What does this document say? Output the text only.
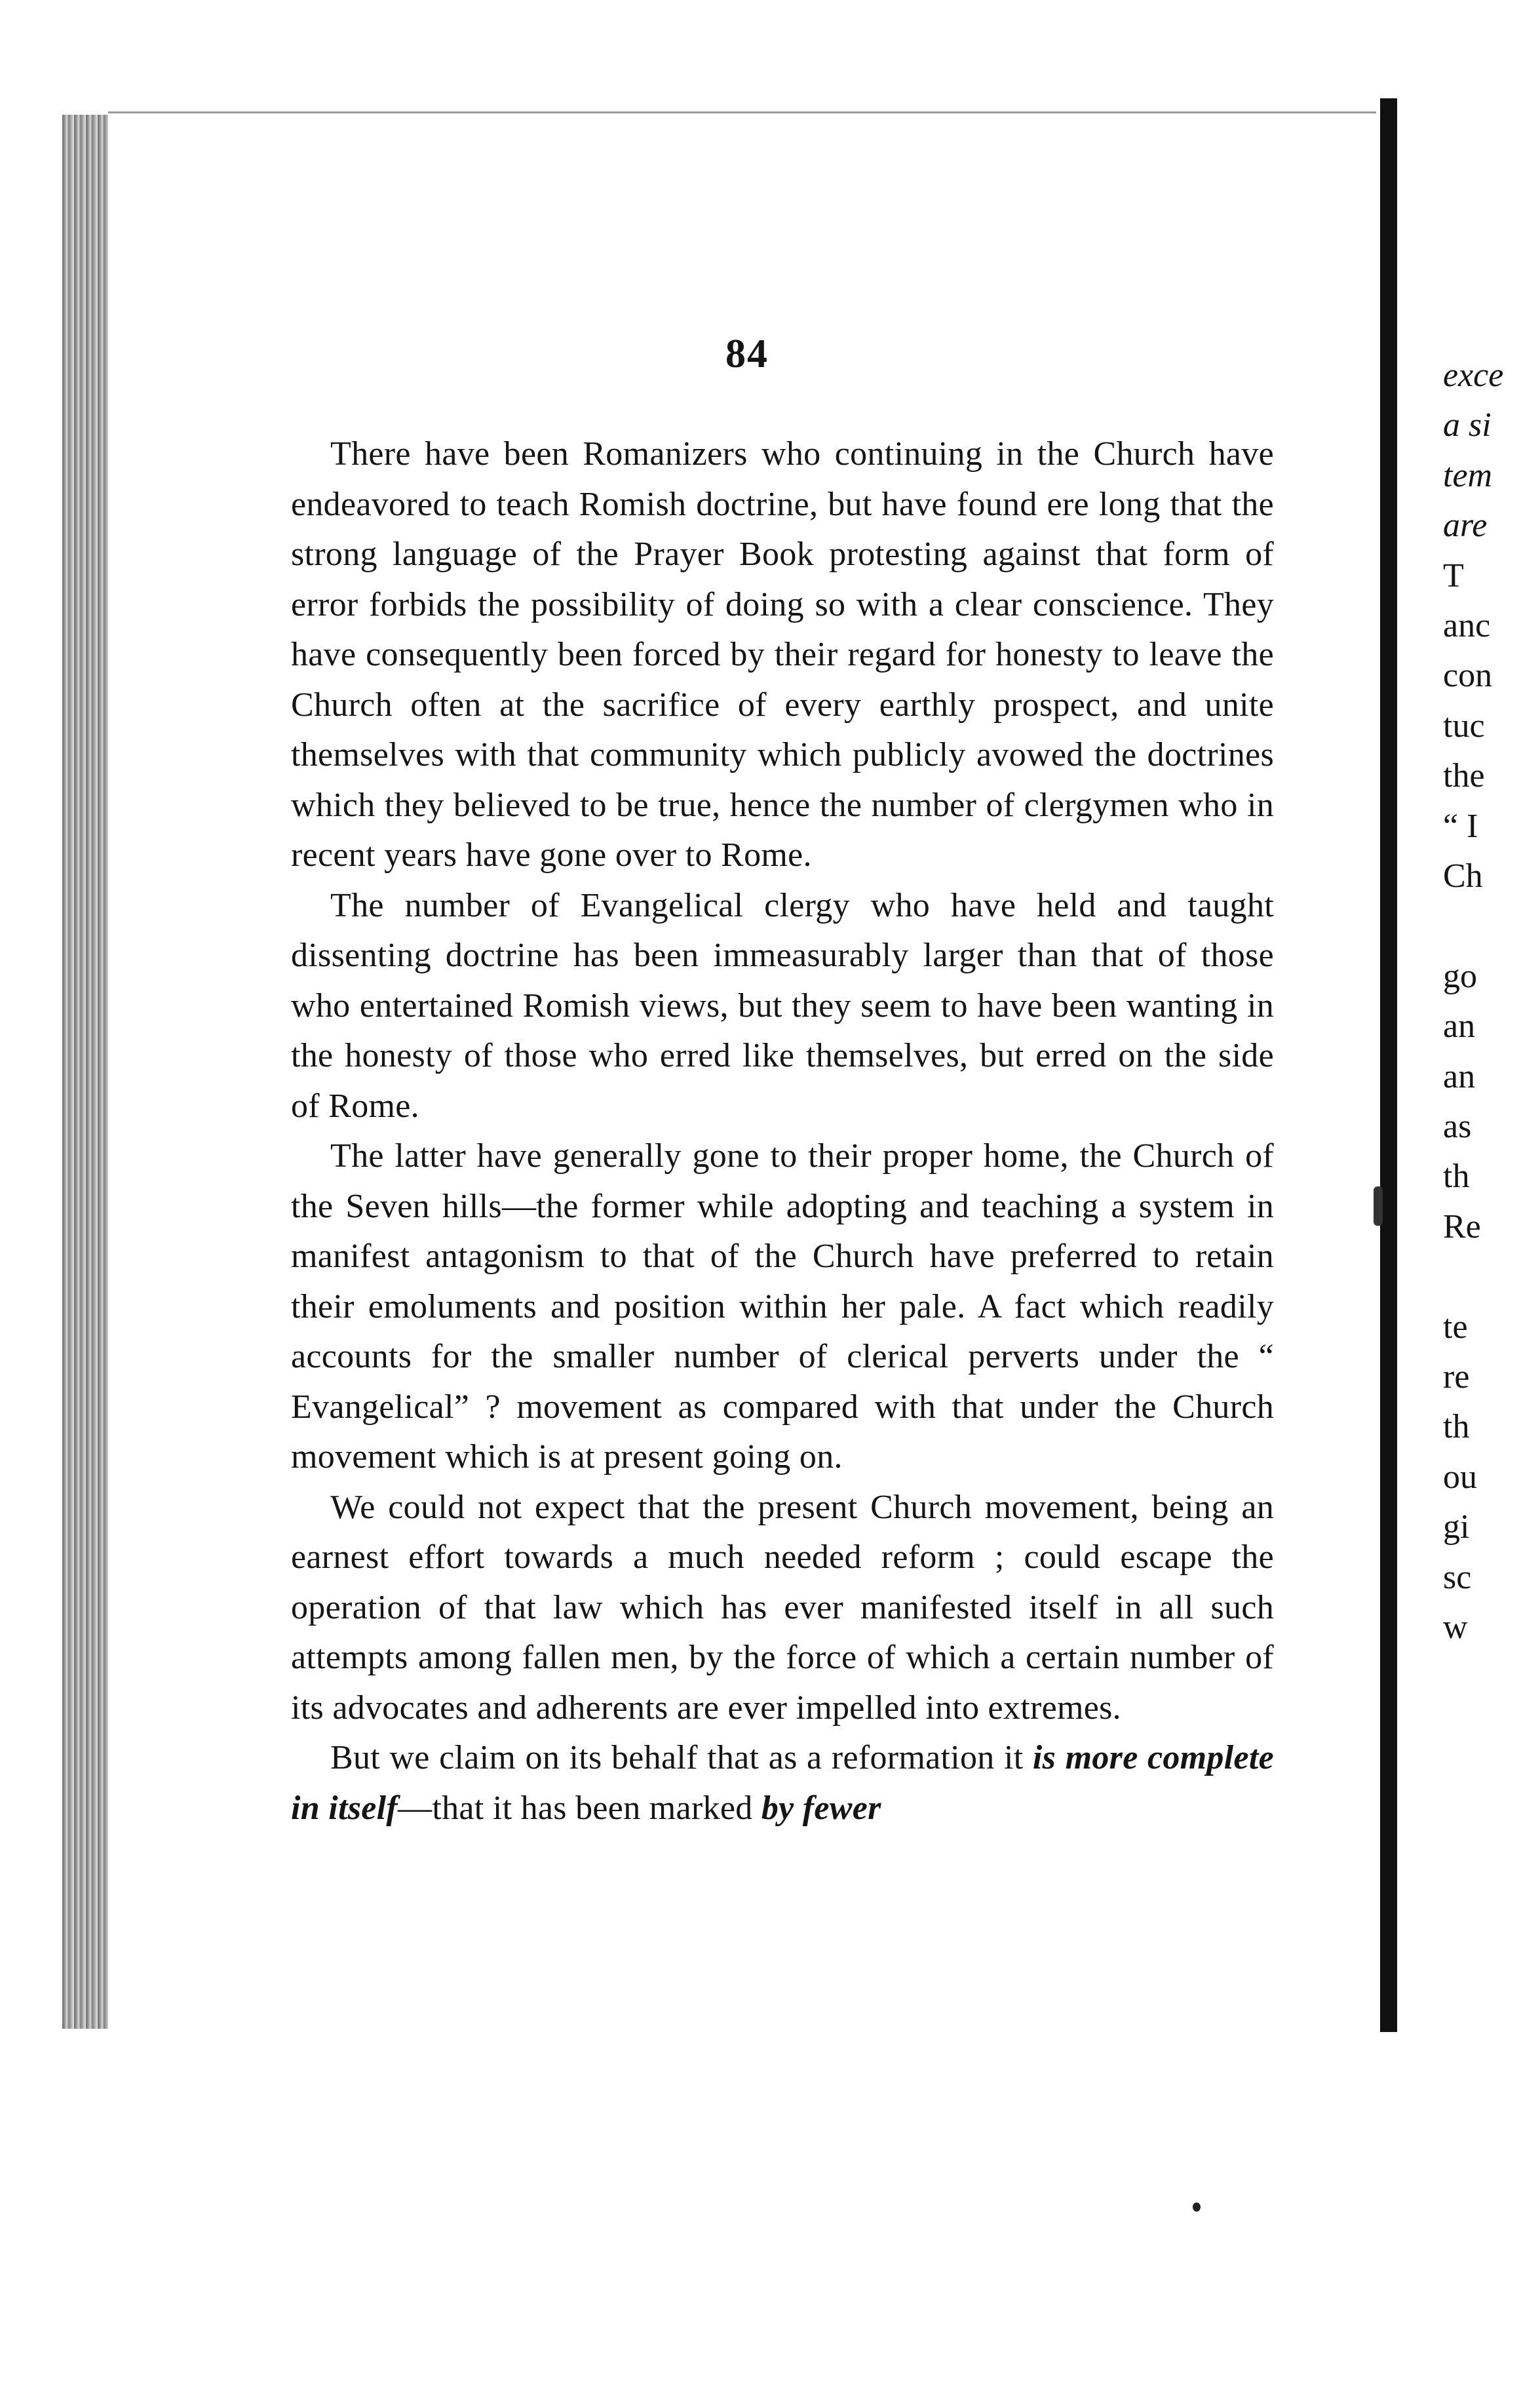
exce
a si
tem
are
T
anc
con
tuc
the
“ I
Ch
go
an
an
as
th
Re
te
re
th
ou
gi
sc
w
84

There have been Romanizers who continuing in the Church have endeavored to teach Romish doctrine, but have found ere long that the strong language of the Prayer Book protesting against that form of error forbids the possibility of doing so with a clear conscience. They have consequently been forced by their regard for honesty to leave the Church often at the sacrifice of every earthly prospect, and unite themselves with that community which publicly avowed the doctrines which they believed to be true, hence the number of clergymen who in recent years have gone over to Rome.

The number of Evangelical clergy who have held and taught dissenting doctrine has been immeasurably larger than that of those who entertained Romish views, but they seem to have been wanting in the honesty of those who erred like themselves, but erred on the side of Rome.

The latter have generally gone to their proper home, the Church of the Seven hills—the former while adopting and teaching a system in manifest antagonism to that of the Church have preferred to retain their emoluments and position within her pale. A fact which readily accounts for the smaller number of clerical perverts under the “ Evangelical” ? movement as compared with that under the Church movement which is at present going on.

We could not expect that the present Church movement, being an earnest effort towards a much needed reform ; could escape the operation of that law which has ever manifested itself in all such attempts among fallen men, by the force of which a certain number of its advocates and adherents are ever impelled into extremes.

But we claim on its behalf that as a reformation it is more complete in itself—that it has been marked by fewer
